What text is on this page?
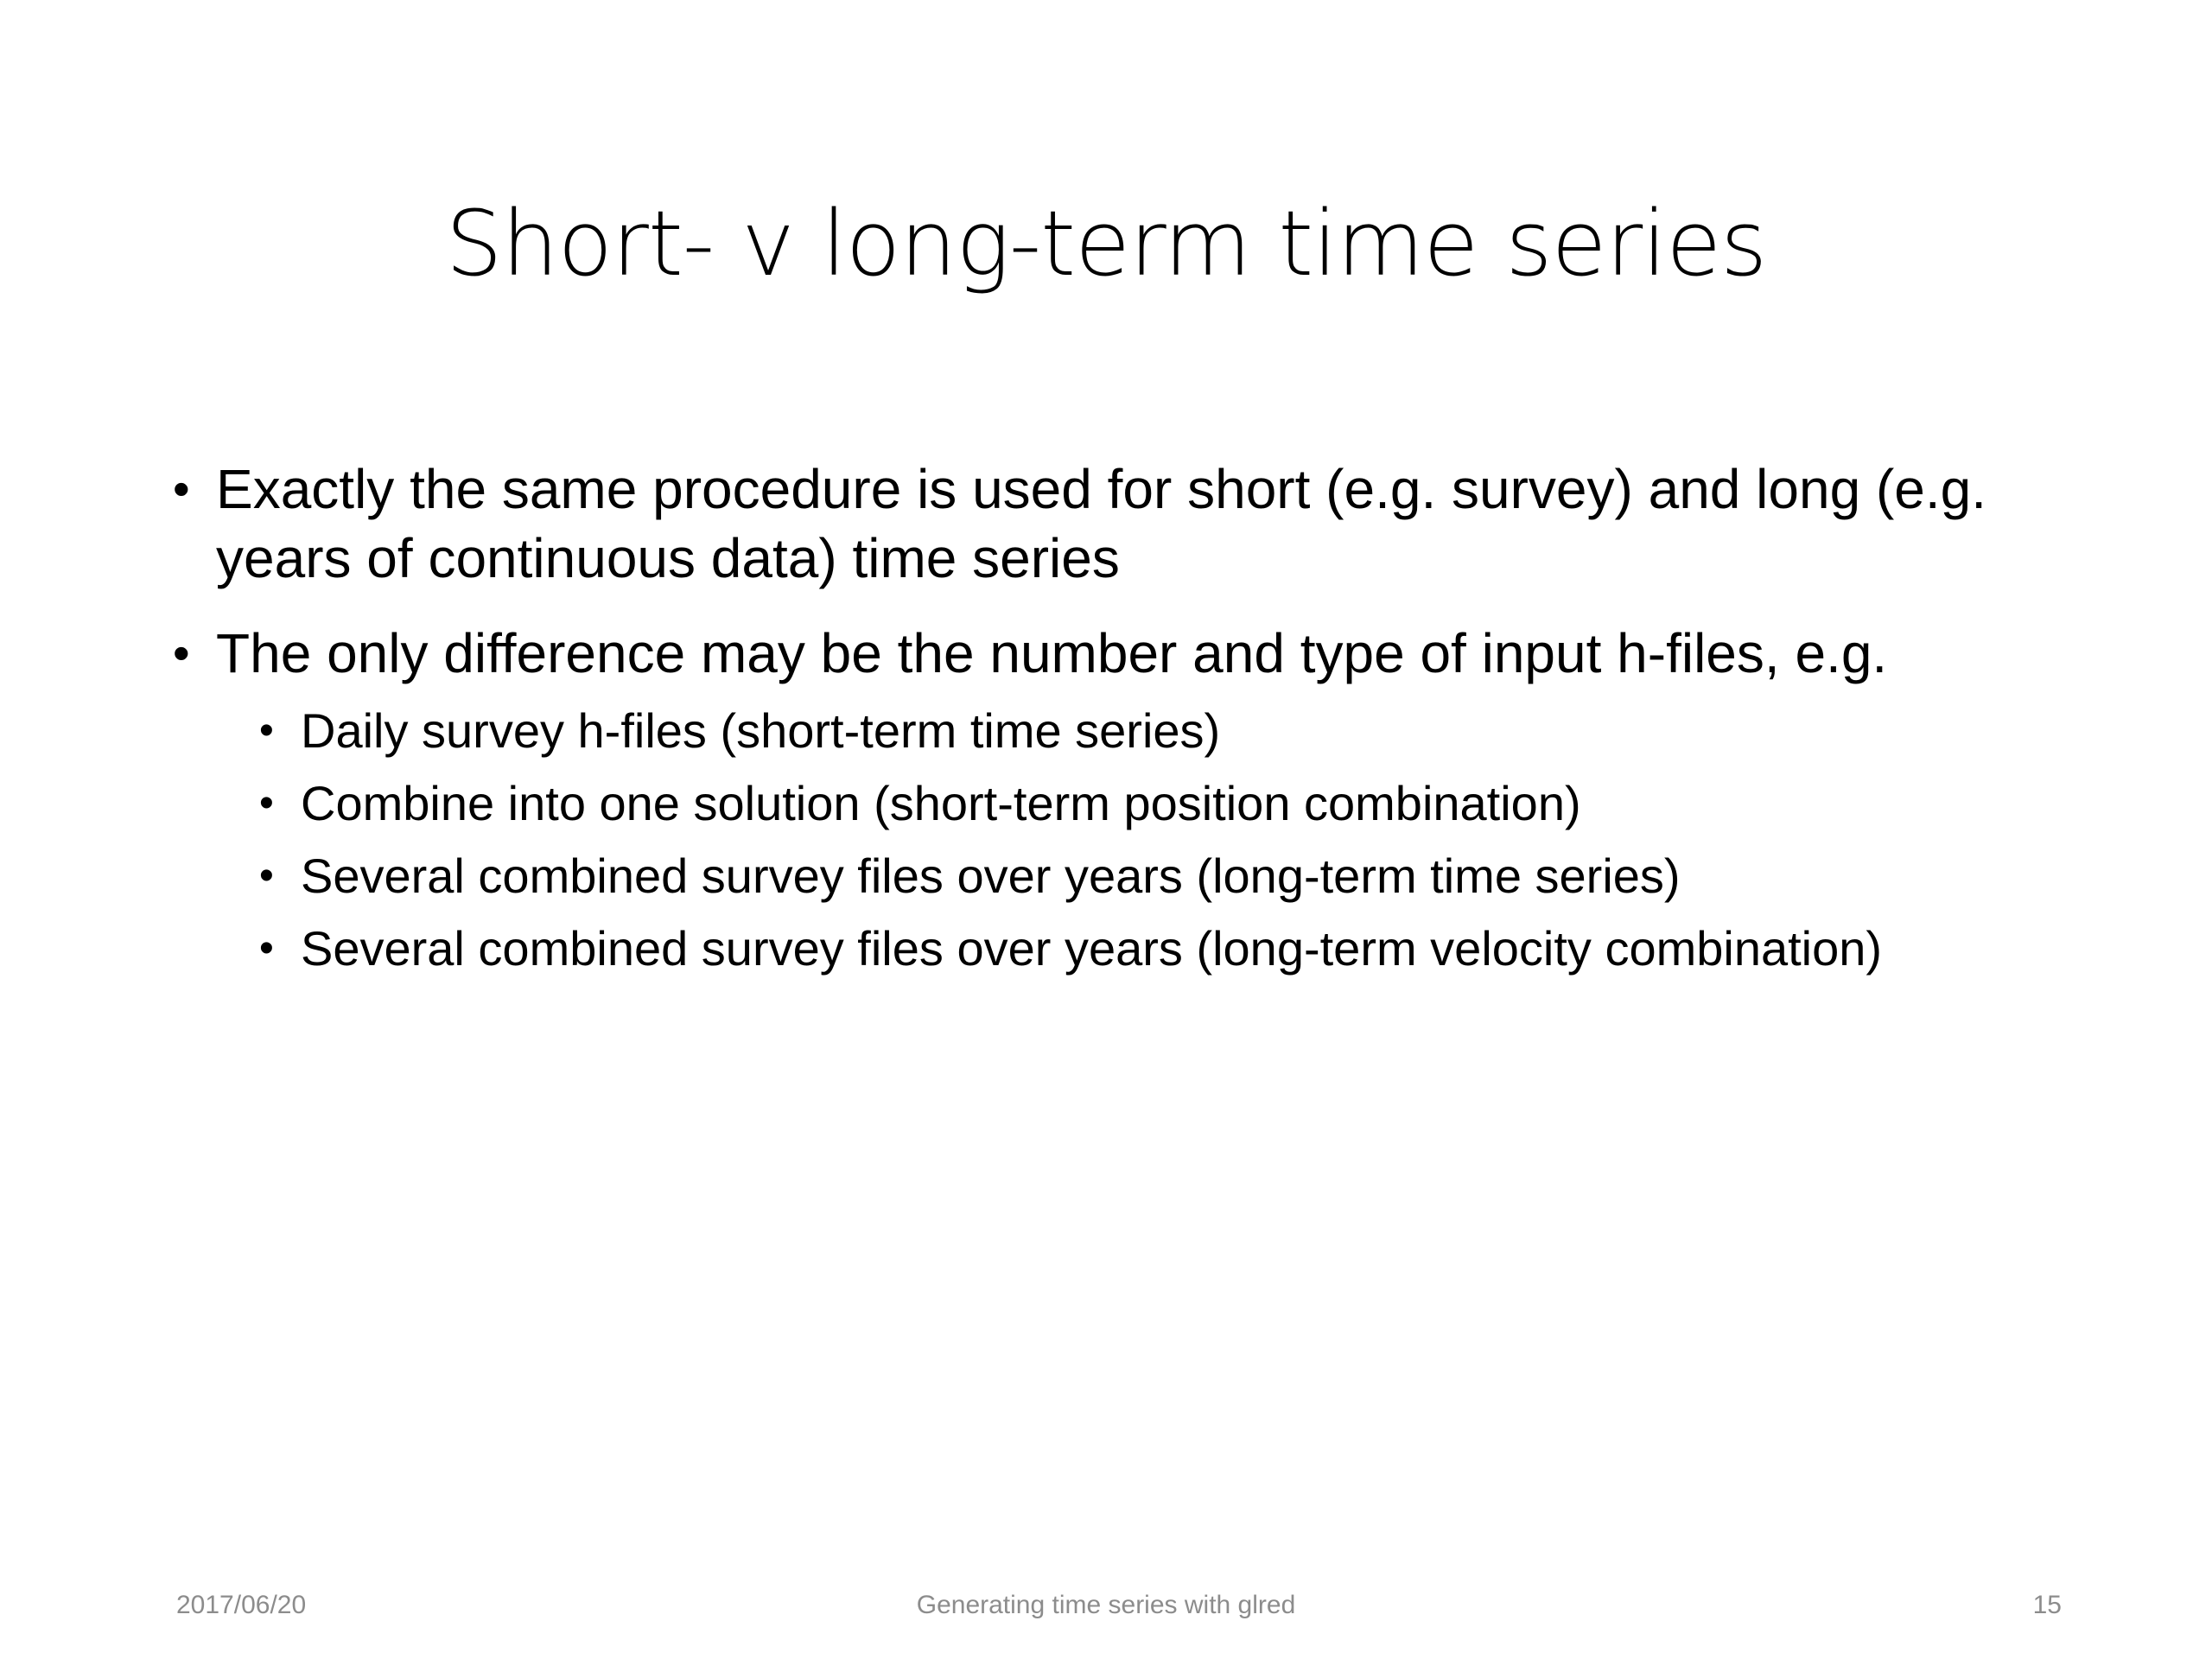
Short- v long-term time series
• Exactly the same procedure is used for short (e.g. survey) and long (e.g. years of continuous data) time series
• The only difference may be the number and type of input h-files, e.g.
• Daily survey h-files (short-term time series)
• Combine into one solution (short-term position combination)
• Several combined survey files over years (long-term time series)
• Several combined survey files over years (long-term velocity combination)
2017/06/20	Generating time series with glred	15
